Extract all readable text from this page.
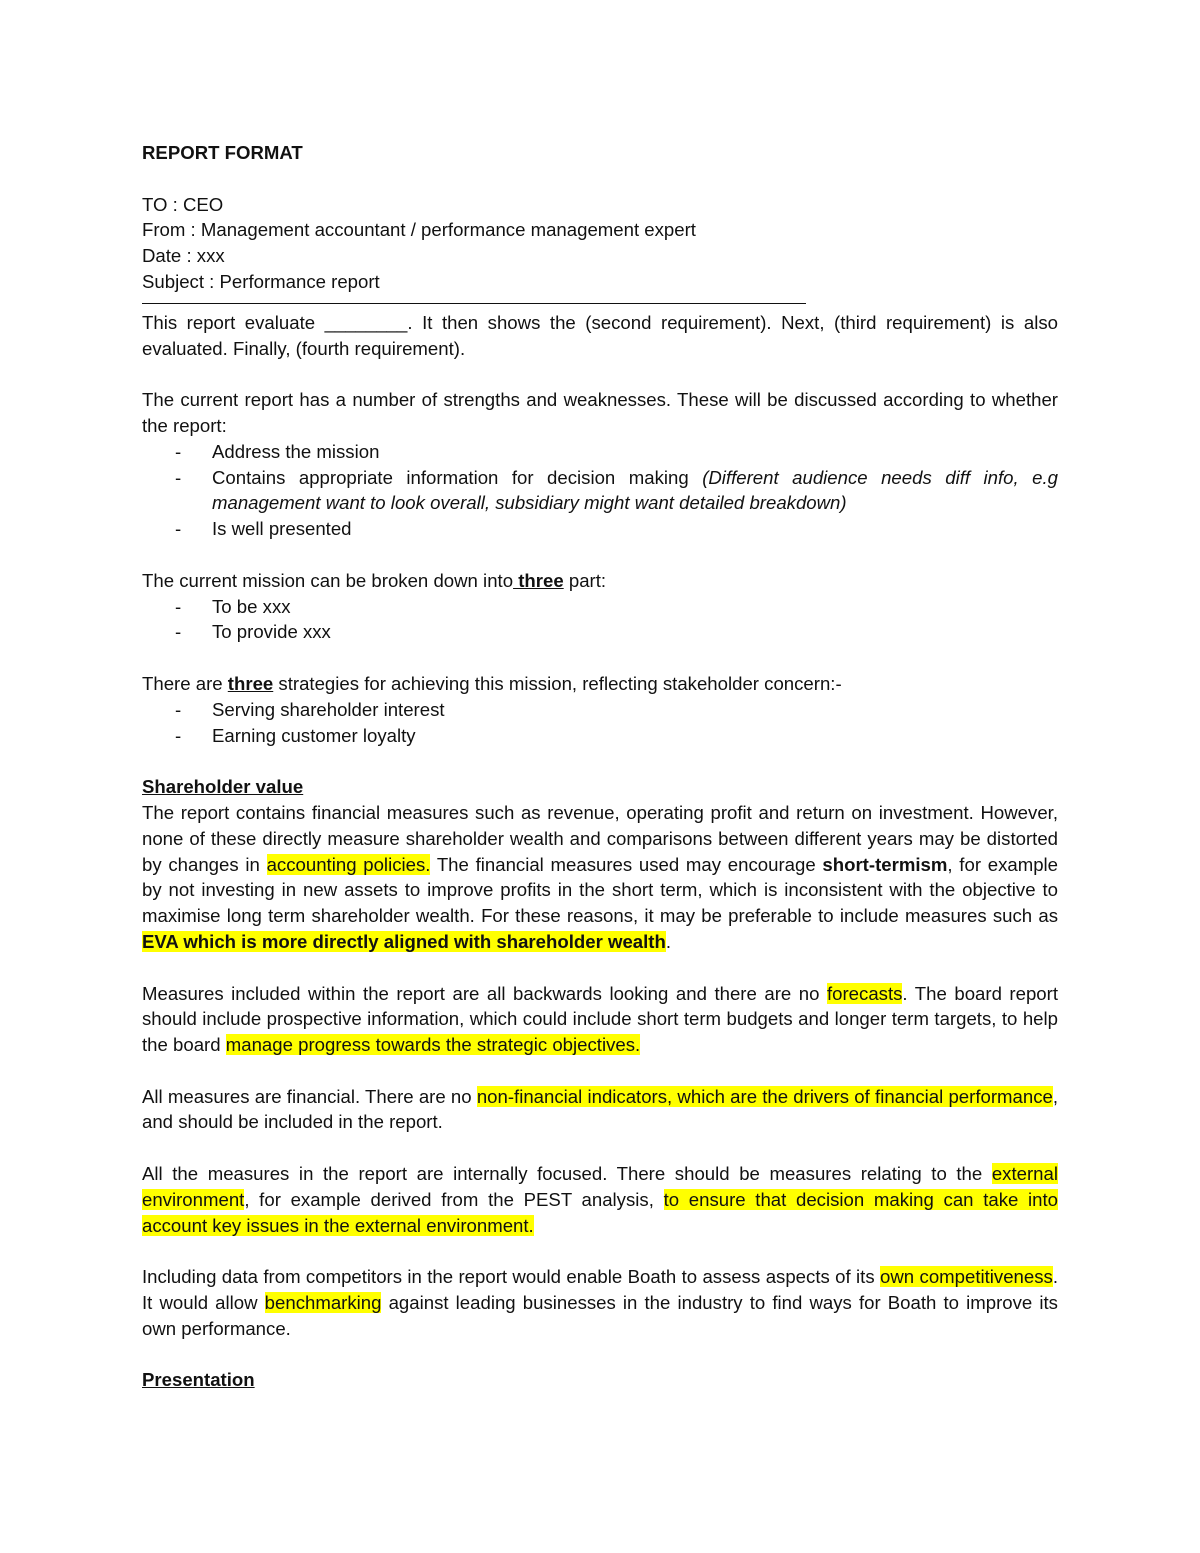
REPORT FORMAT

TO : CEO

From : Management accountant / performance management expert

Date : xxx

Subject : Performance report

This report evaluate ________. It then shows the (second requirement). Next, (third requirement) is also evaluated. Finally, (fourth requirement).

The current report has a number of strengths and weaknesses. These will be discussed according to whether the report:

- Address the mission
- Contains appropriate information for decision making (Different audience needs diff info, e.g management want to look overall, subsidiary might want detailed breakdown)
- Is well presented

The current mission can be broken down into three part:

- To be xxx
- To provide xxx

There are three strategies for achieving this mission, reflecting stakeholder concern:-

- Serving shareholder interest
- Earning customer loyalty

Shareholder value

The report contains financial measures such as revenue, operating profit and return on investment. However, none of these directly measure shareholder wealth and comparisons between different years may be distorted by changes in accounting policies. The financial measures used may encourage short-termism, for example by not investing in new assets to improve profits in the short term, which is inconsistent with the objective to maximise long term shareholder wealth. For these reasons, it may be preferable to include measures such as EVA which is more directly aligned with shareholder wealth.

Measures included within the report are all backwards looking and there are no forecasts. The board report should include prospective information, which could include short term budgets and longer term targets, to help the board manage progress towards the strategic objectives.

All measures are financial. There are no non-financial indicators, which are the drivers of financial performance, and should be included in the report.

All the measures in the report are internally focused. There should be measures relating to the external environment, for example derived from the PEST analysis, to ensure that decision making can take into account key issues in the external environment.

Including data from competitors in the report would enable Boath to assess aspects of its own competitiveness. It would allow benchmarking against leading businesses in the industry to find ways for Boath to improve its own performance.

Presentation
